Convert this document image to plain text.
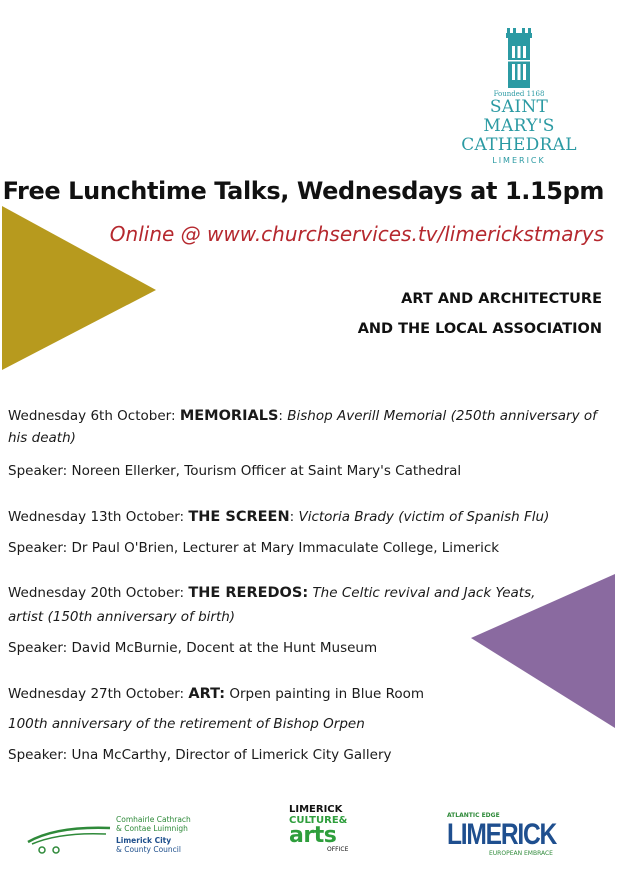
Founded 1168
SAINT MARY'S
CATHEDRAL
LIMERICK
Free Lunchtime Talks, Wednesdays at 1.15pm
Online @ www.churchservices.tv/limerickstmarys
ART AND ARCHITECTURE
AND THE LOCAL ASSOCIATION
Wednesday 6th October: MEMORIALS: Bishop Averill Memorial (250th anniversary of
his death)
Speaker: Noreen Ellerker, Tourism Officer at Saint Mary's Cathedral
Wednesday 13th October: THE SCREEN: Victoria Brady (victim of Spanish Flu)
Speaker: Dr Paul O'Brien, Lecturer at Mary Immaculate College, Limerick
Wednesday 20th October: THE REREDOS: The Celtic revival and Jack Yeats,
artist (150th anniversary of birth)
Speaker: David McBurnie, Docent at the Hunt Museum
Wednesday 27th October: ART: Orpen painting in Blue Room
100th anniversary of the retirement of Bishop Orpen
Speaker: Una McCarthy, Director of Limerick City Gallery
Comhairle Cathrach
& Contae Luimnigh
Limerick City
& County Council
LIMERICK
CULTURE&
arts
OFFICE
ATLANTIC EDGE
LIMERICK
EUROPEAN EMBRACE
